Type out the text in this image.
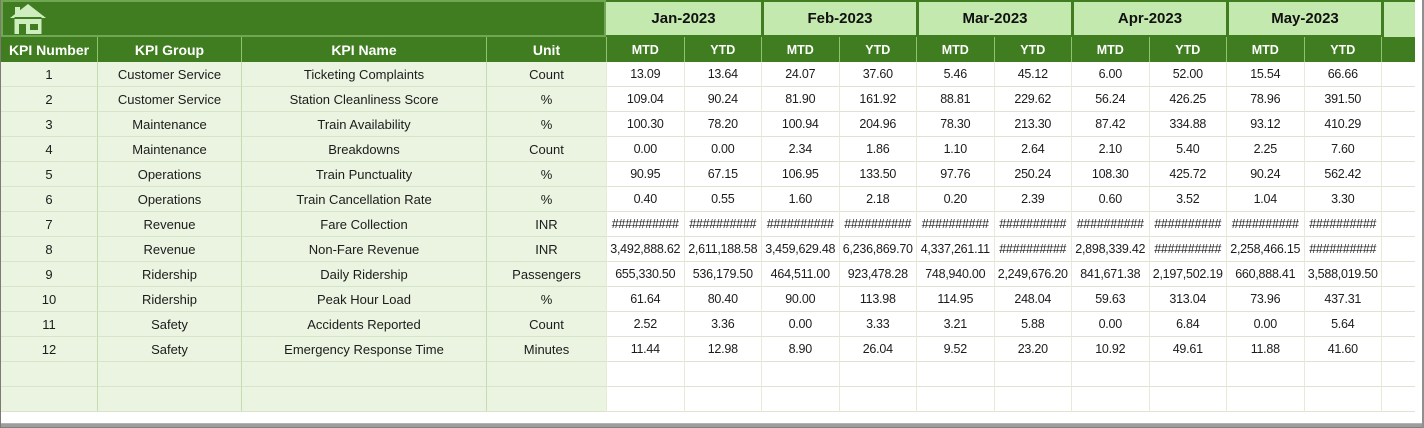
Jan-2023	Feb-2023	Mar-2023	Apr-2023	May-2023
KPI Number	KPI Group	KPI Name	Unit	MTD	YTD	MTD	YTD	MTD	YTD	MTD	YTD	MTD	YTD
1	Customer Service	Ticketing Complaints	Count	13.09	13.64	24.07	37.60	5.46	45.12	6.00	52.00	15.54	66.66
2	Customer Service	Station Cleanliness Score	%	109.04	90.24	81.90	161.92	88.81	229.62	56.24	426.25	78.96	391.50
3	Maintenance	Train Availability	%	100.30	78.20	100.94	204.96	78.30	213.30	87.42	334.88	93.12	410.29
4	Maintenance	Breakdowns	Count	0.00	0.00	2.34	1.86	1.10	2.64	2.10	5.40	2.25	7.60
5	Operations	Train Punctuality	%	90.95	67.15	106.95	133.50	97.76	250.24	108.30	425.72	90.24	562.42
6	Operations	Train Cancellation Rate	%	0.40	0.55	1.60	2.18	0.20	2.39	0.60	3.52	1.04	3.30
7	Revenue	Fare Collection	INR	########## ########## ########## ########## ########## ########## ########## ########## ########## ##########
8	Revenue	Non-Fare Revenue	INR	3,492,888.62 2,611,188.58 3,459,629.48 6,236,869.70 4,337,261.11 ########## 2,898,339.42 ########## 2,258,466.15 ##########
9	Ridership	Daily Ridership	Passengers	655,330.50	536,179.50	464,511.00	923,478.28	748,940.00 2,249,676.20 841,671.38 2,197,502.19 660,888.41 3,588,019.50
10	Ridership	Peak Hour Load	%	61.64	80.40	90.00	113.98	114.95	248.04	59.63	313.04	73.96	437.31
11	Safety	Accidents Reported	Count	2.52	3.36	0.00	3.33	3.21	5.88	0.00	6.84	0.00	5.64
12	Safety	Emergency Response Time	Minutes	11.44	12.98	8.90	26.04	9.52	23.20	10.92	49.61	11.88	41.60
